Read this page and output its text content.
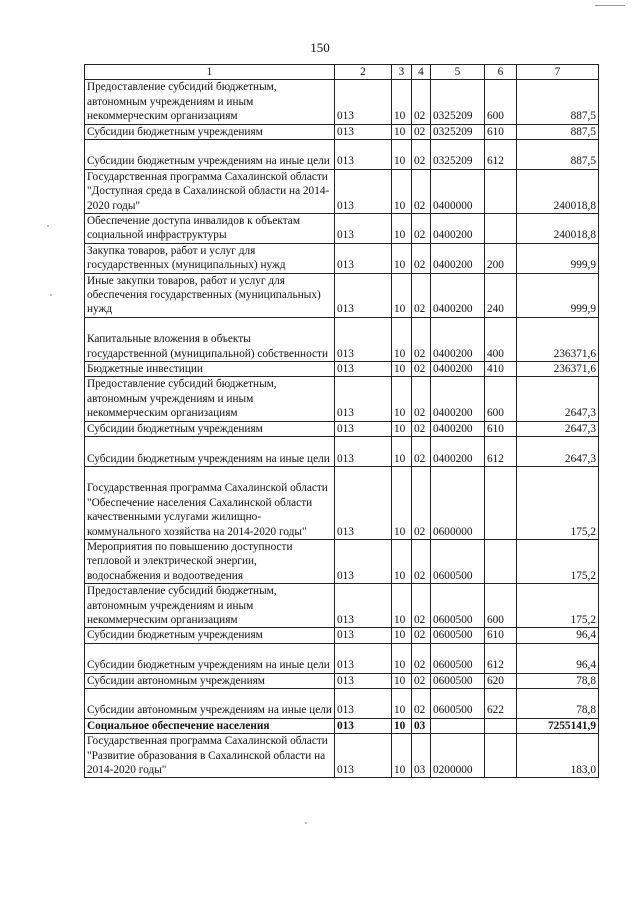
150
1	2	3	4	5	6	7
Предоставление субсидий бюджетным, автономным учреждениям и иным некоммерческим организациям	013	10	02	0325209	600	887,5
Субсидии бюджетным учреждениям	013	10	02	0325209	610	887,5
Субсидии бюджетным учреждениям на иные цели	013	10	02	0325209	612	887,5
Государственная программа Сахалинской области "Доступная среда в Сахалинской области на 2014-2020 годы"	013	10	02	0400000		240018,8
Обеспечение доступа инвалидов к объектам социальной инфраструктуры	013	10	02	0400200		240018,8
Закупка товаров, работ и услуг для государственных (муниципальных) нужд	013	10	02	0400200	200	999,9
Иные закупки товаров, работ и услуг для обеспечения государственных (муниципальных) нужд	013	10	02	0400200	240	999,9
Капитальные вложения в объекты государственной (муниципальной) собственности	013	10	02	0400200	400	236371,6
Бюджетные инвестиции	013	10	02	0400200	410	236371,6
Предоставление субсидий бюджетным, автономным учреждениям и иным некоммерческим организациям	013	10	02	0400200	600	2647,3
Субсидии бюджетным учреждениям	013	10	02	0400200	610	2647,3
Субсидии бюджетным учреждениям на иные цели	013	10	02	0400200	612	2647,3
Государственная программа Сахалинской области "Обеспечение населения Сахалинской области качественными услугами жилищно-коммунального хозяйства на 2014-2020 годы"	013	10	02	0600000		175,2
Мероприятия по повышению доступности тепловой и электрической энергии, водоснабжения и водоотведения	013	10	02	0600500		175,2
Предоставление субсидий бюджетным, автономным учреждениям и иным некоммерческим организациям	013	10	02	0600500	600	175,2
Субсидии бюджетным учреждениям	013	10	02	0600500	610	96,4
Субсидии бюджетным учреждениям на иные цели	013	10	02	0600500	612	96,4
Субсидии автономным учреждениям	013	10	02	0600500	620	78,8
Субсидии автономным учреждениям на иные цели	013	10	02	0600500	622	78,8
Социальное обеспечение населения	013	10	03			7255141,9
Государственная программа Сахалинской области "Развитие образования в Сахалинской области на 2014-2020 годы"	013	10	03	0200000		183,0
